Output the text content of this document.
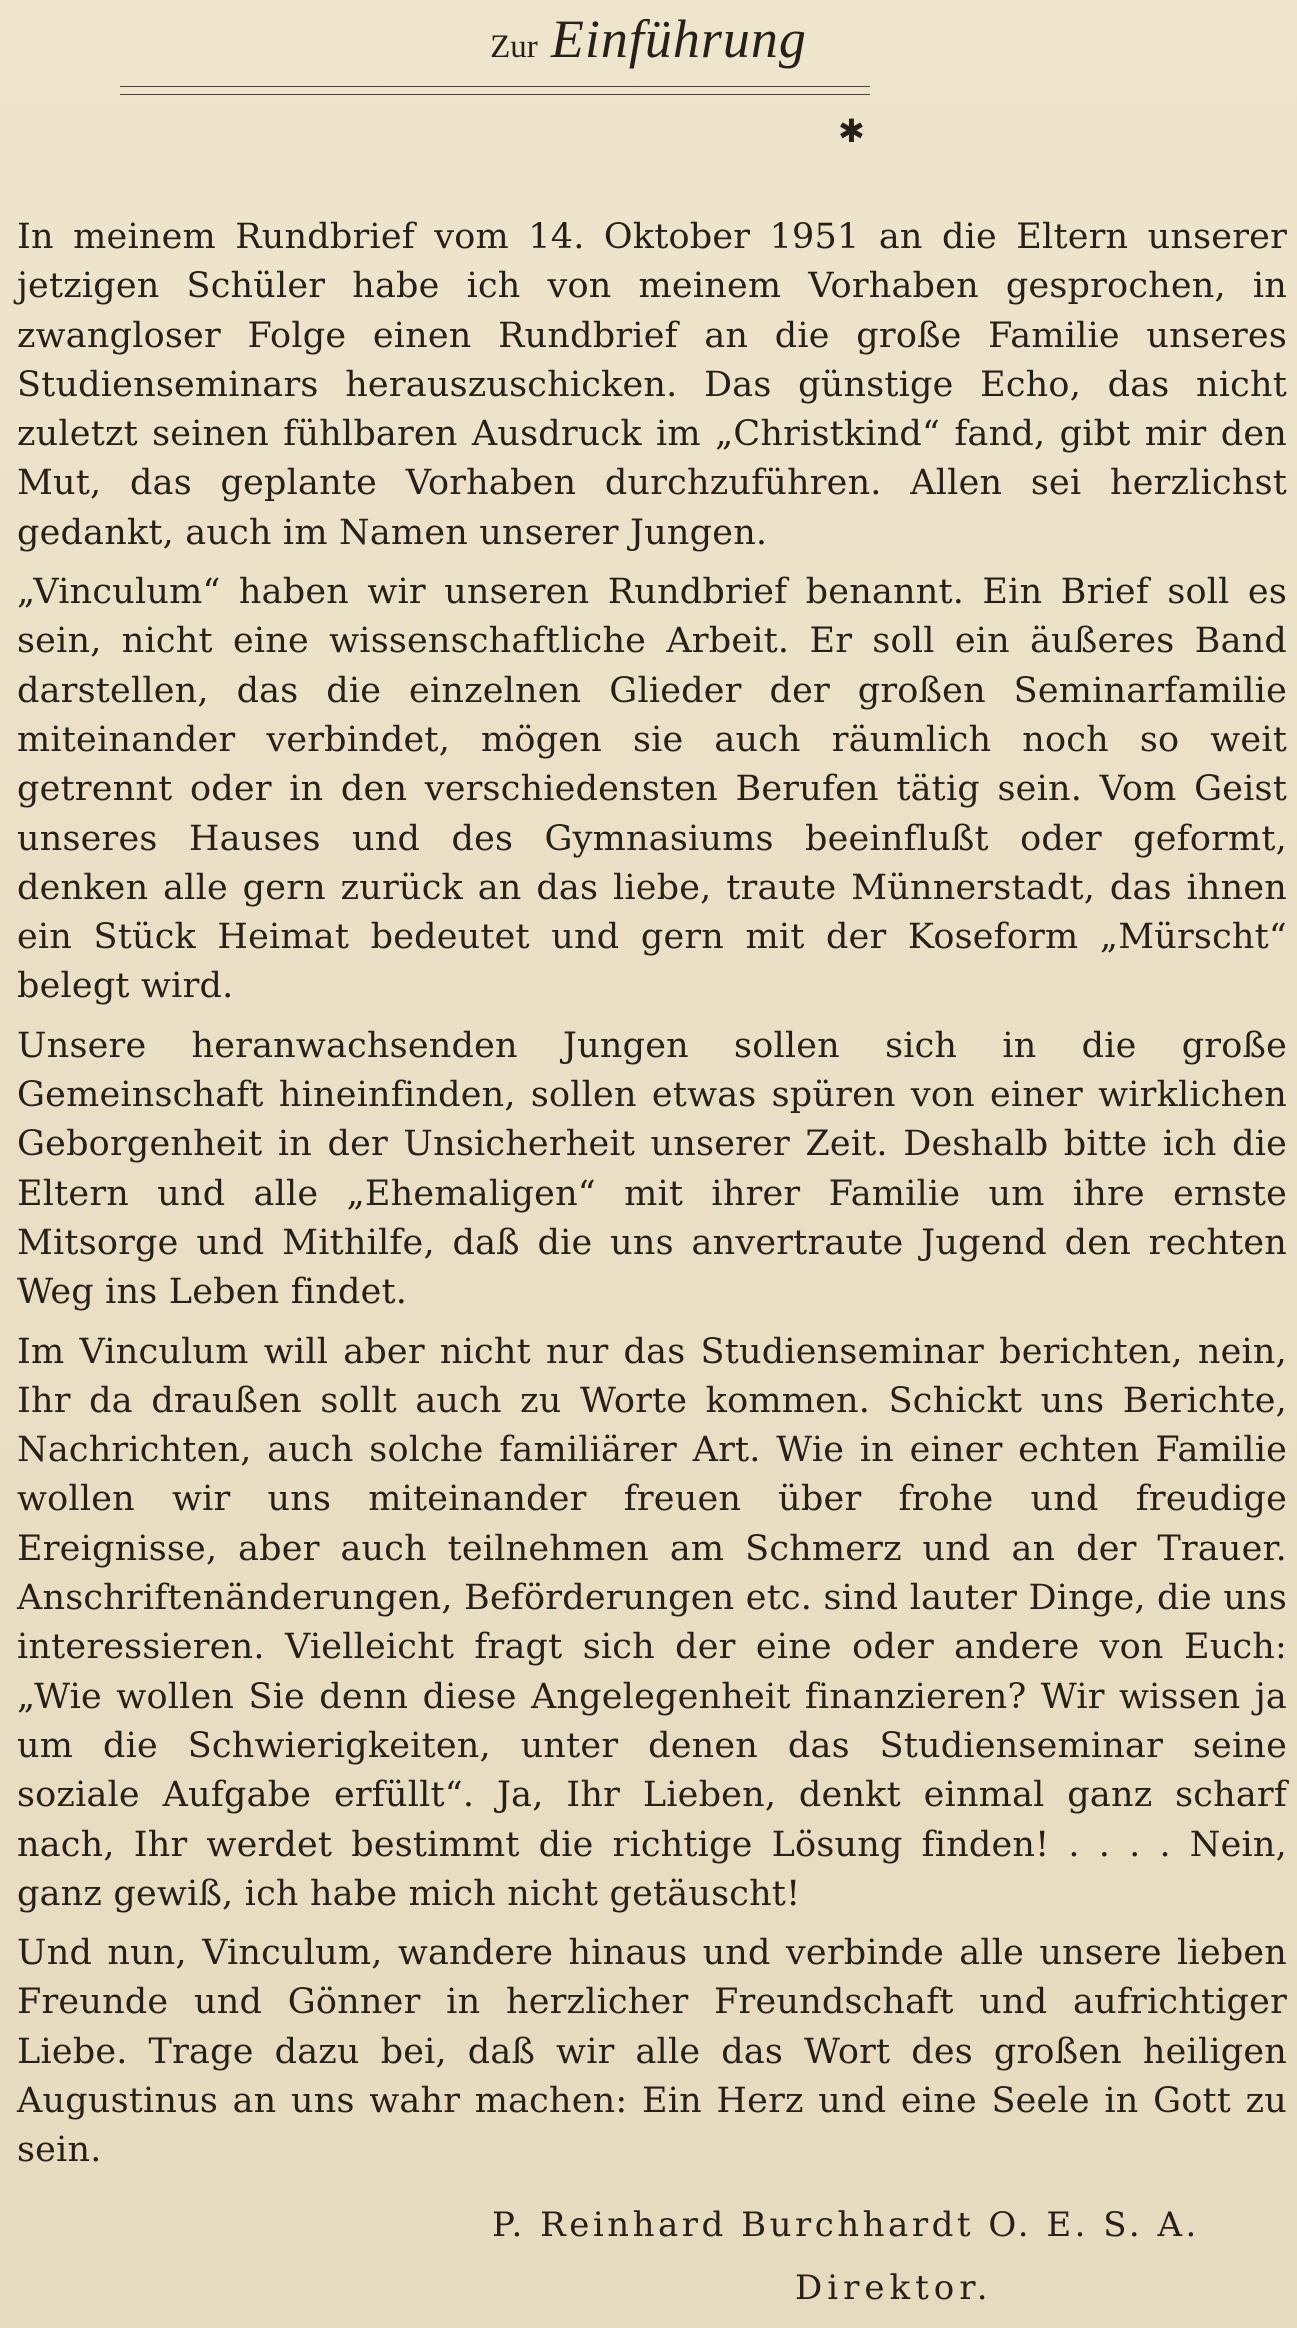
Zur Einführung
✱

In meinem Rundbrief vom 14. Oktober 1951 an die Eltern unserer jetzigen Schüler habe ich von meinem Vorhaben gesprochen, in zwangloser Folge einen Rundbrief an die große Familie unseres Studienseminars herauszuschicken. Das günstige Echo, das nicht zuletzt seinen fühlbaren Ausdruck im „Christkind“ fand, gibt mir den Mut, das geplante Vorhaben durchzuführen. Allen sei herzlichst gedankt, auch im Namen unserer Jungen.

„Vinculum“ haben wir unseren Rundbrief benannt. Ein Brief soll es sein, nicht eine wissenschaftliche Arbeit. Er soll ein äußeres Band darstellen, das die einzelnen Glieder der großen Seminarfamilie miteinander verbindet, mögen sie auch räumlich noch so weit getrennt oder in den verschiedensten Berufen tätig sein. Vom Geist unseres Hauses und des Gymnasiums beeinflußt oder geformt, denken alle gern zurück an das liebe, traute Münnerstadt, das ihnen ein Stück Heimat bedeutet und gern mit der Koseform „Mürscht“ belegt wird.

Unsere heranwachsenden Jungen sollen sich in die große Gemeinschaft hineinfinden, sollen etwas spüren von einer wirklichen Geborgenheit in der Unsicherheit unserer Zeit. Deshalb bitte ich die Eltern und alle „Ehemaligen“ mit ihrer Familie um ihre ernste Mitsorge und Mithilfe, daß die uns anvertraute Jugend den rechten Weg ins Leben findet.

Im Vinculum will aber nicht nur das Studienseminar berichten, nein, Ihr da draußen sollt auch zu Worte kommen. Schickt uns Berichte, Nachrichten, auch solche familiärer Art. Wie in einer echten Familie wollen wir uns miteinander freuen über frohe und freudige Ereignisse, aber auch teilnehmen am Schmerz und an der Trauer. Anschriftenänderungen, Beförderungen etc. sind lauter Dinge, die uns interessieren. Vielleicht fragt sich der eine oder andere von Euch: „Wie wollen Sie denn diese Angelegenheit finanzieren? Wir wissen ja um die Schwierigkeiten, unter denen das Studienseminar seine soziale Aufgabe erfüllt“. Ja, Ihr Lieben, denkt einmal ganz scharf nach, Ihr werdet bestimmt die richtige Lösung finden! . . . . Nein, ganz gewiß, ich habe mich nicht getäuscht!

Und nun, Vinculum, wandere hinaus und verbinde alle unsere lieben Freunde und Gönner in herzlicher Freundschaft und aufrichtiger Liebe. Trage dazu bei, daß wir alle das Wort des großen heiligen Augustinus an uns wahr machen: Ein Herz und eine Seele in Gott zu sein.

P. Reinhard Burchhardt O. E. S. A.
Direktor.
